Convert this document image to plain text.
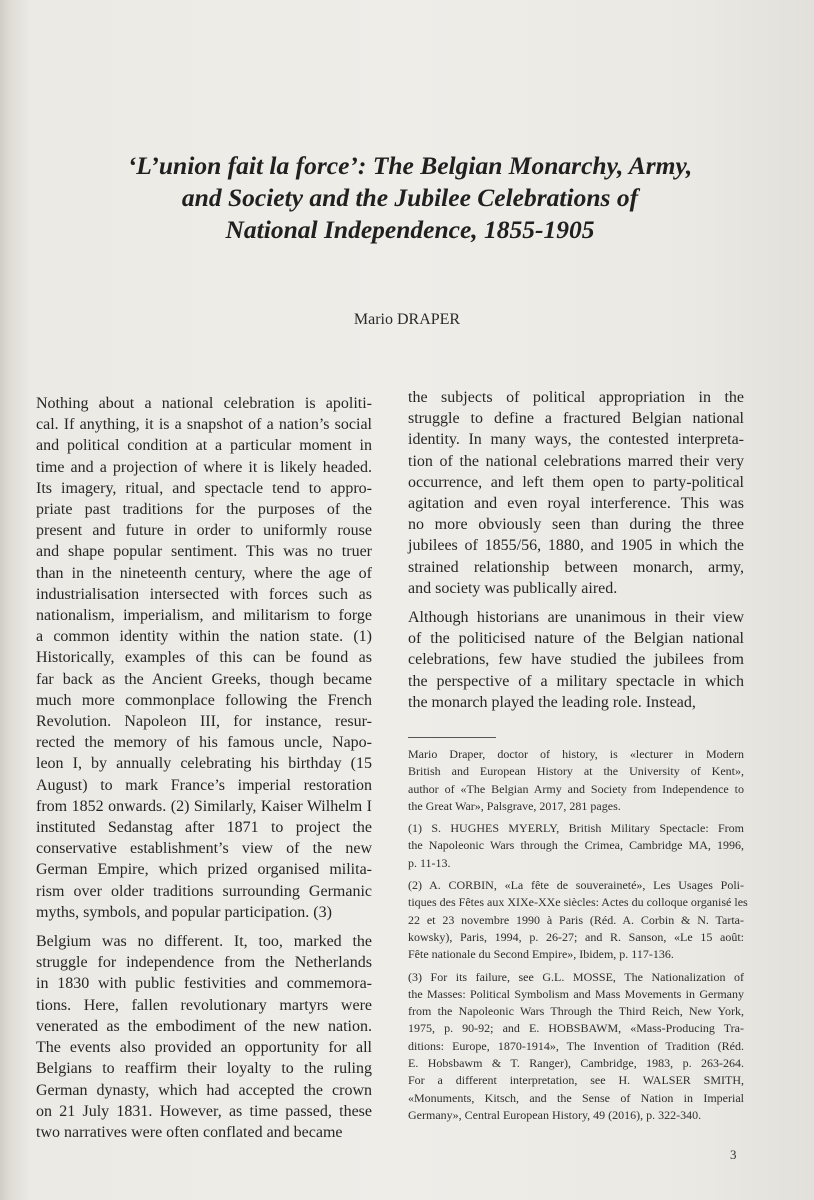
‘L’union fait la force’: The Belgian Monarchy, Army,
and Society and the Jubilee Celebrations of
National Independence, 1855-1905

Mario DRAPER

Nothing about a national celebration is apoliti-
cal. If anything, it is a snapshot of a nation’s social
and political condition at a particular moment in
time and a projection of where it is likely headed.
Its imagery, ritual, and spectacle tend to appro-
priate past traditions for the purposes of the
present and future in order to uniformly rouse
and shape popular sentiment. This was no truer
than in the nineteenth century, where the age of
industrialisation intersected with forces such as
nationalism, imperialism, and militarism to forge
a common identity within the nation state. (1)
Historically, examples of this can be found as
far back as the Ancient Greeks, though became
much more commonplace following the French
Revolution. Napoleon III, for instance, resur-
rected the memory of his famous uncle, Napo-
leon I, by annually celebrating his birthday (15
August) to mark France’s imperial restoration
from 1852 onwards. (2) Similarly, Kaiser Wilhelm I
instituted Sedanstag after 1871 to project the
conservative establishment’s view of the new
German Empire, which prized organised milita-
rism over older traditions surrounding Germanic
myths, symbols, and popular participation. (3)

Belgium was no different. It, too, marked the
struggle for independence from the Netherlands
in 1830 with public festivities and commemora-
tions. Here, fallen revolutionary martyrs were
venerated as the embodiment of the new nation.
The events also provided an opportunity for all
Belgians to reaffirm their loyalty to the ruling
German dynasty, which had accepted the crown
on 21 July 1831. However, as time passed, these
two narratives were often conflated and became

the subjects of political appropriation in the
struggle to define a fractured Belgian national
identity. In many ways, the contested interpreta-
tion of the national celebrations marred their very
occurrence, and left them open to party-political
agitation and even royal interference. This was
no more obviously seen than during the three
jubilees of 1855/56, 1880, and 1905 in which the
strained relationship between monarch, army,
and society was publically aired.

Although historians are unanimous in their view
of the politicised nature of the Belgian national
celebrations, few have studied the jubilees from
the perspective of a military spectacle in which
the monarch played the leading role. Instead,

Mario Draper, doctor of history, is «lecturer in Modern
British and European History at the University of Kent»,
author of «The Belgian Army and Society from Independence to
the Great War», Palsgrave, 2017, 281 pages.

(1) S. HUGHES MYERLY, British Military Spectacle: From
the Napoleonic Wars through the Crimea, Cambridge MA, 1996,
p. 11-13.

(2) A. CORBIN, «La fête de souveraineté», Les Usages Poli-
tiques des Fêtes aux XIXe-XXe siècles: Actes du colloque organisé les
22 et 23 novembre 1990 à Paris (Réd. A. Corbin & N. Tarta-
kowsky), Paris, 1994, p. 26-27; and R. Sanson, «Le 15 août:
Fête nationale du Second Empire», Ibidem, p. 117-136.

(3) For its failure, see G.L. MOSSE, The Nationalization of
the Masses: Political Symbolism and Mass Movements in Germany
from the Napoleonic Wars Through the Third Reich, New York,
1975, p. 90-92; and E. HOBSBAWM, «Mass-Producing Tra-
ditions: Europe, 1870-1914», The Invention of Tradition (Réd.
E. Hobsbawm & T. Ranger), Cambridge, 1983, p. 263-264.
For a different interpretation, see H. WALSER SMITH,
«Monuments, Kitsch, and the Sense of Nation in Imperial
Germany», Central European History, 49 (2016), p. 322-340.

3
